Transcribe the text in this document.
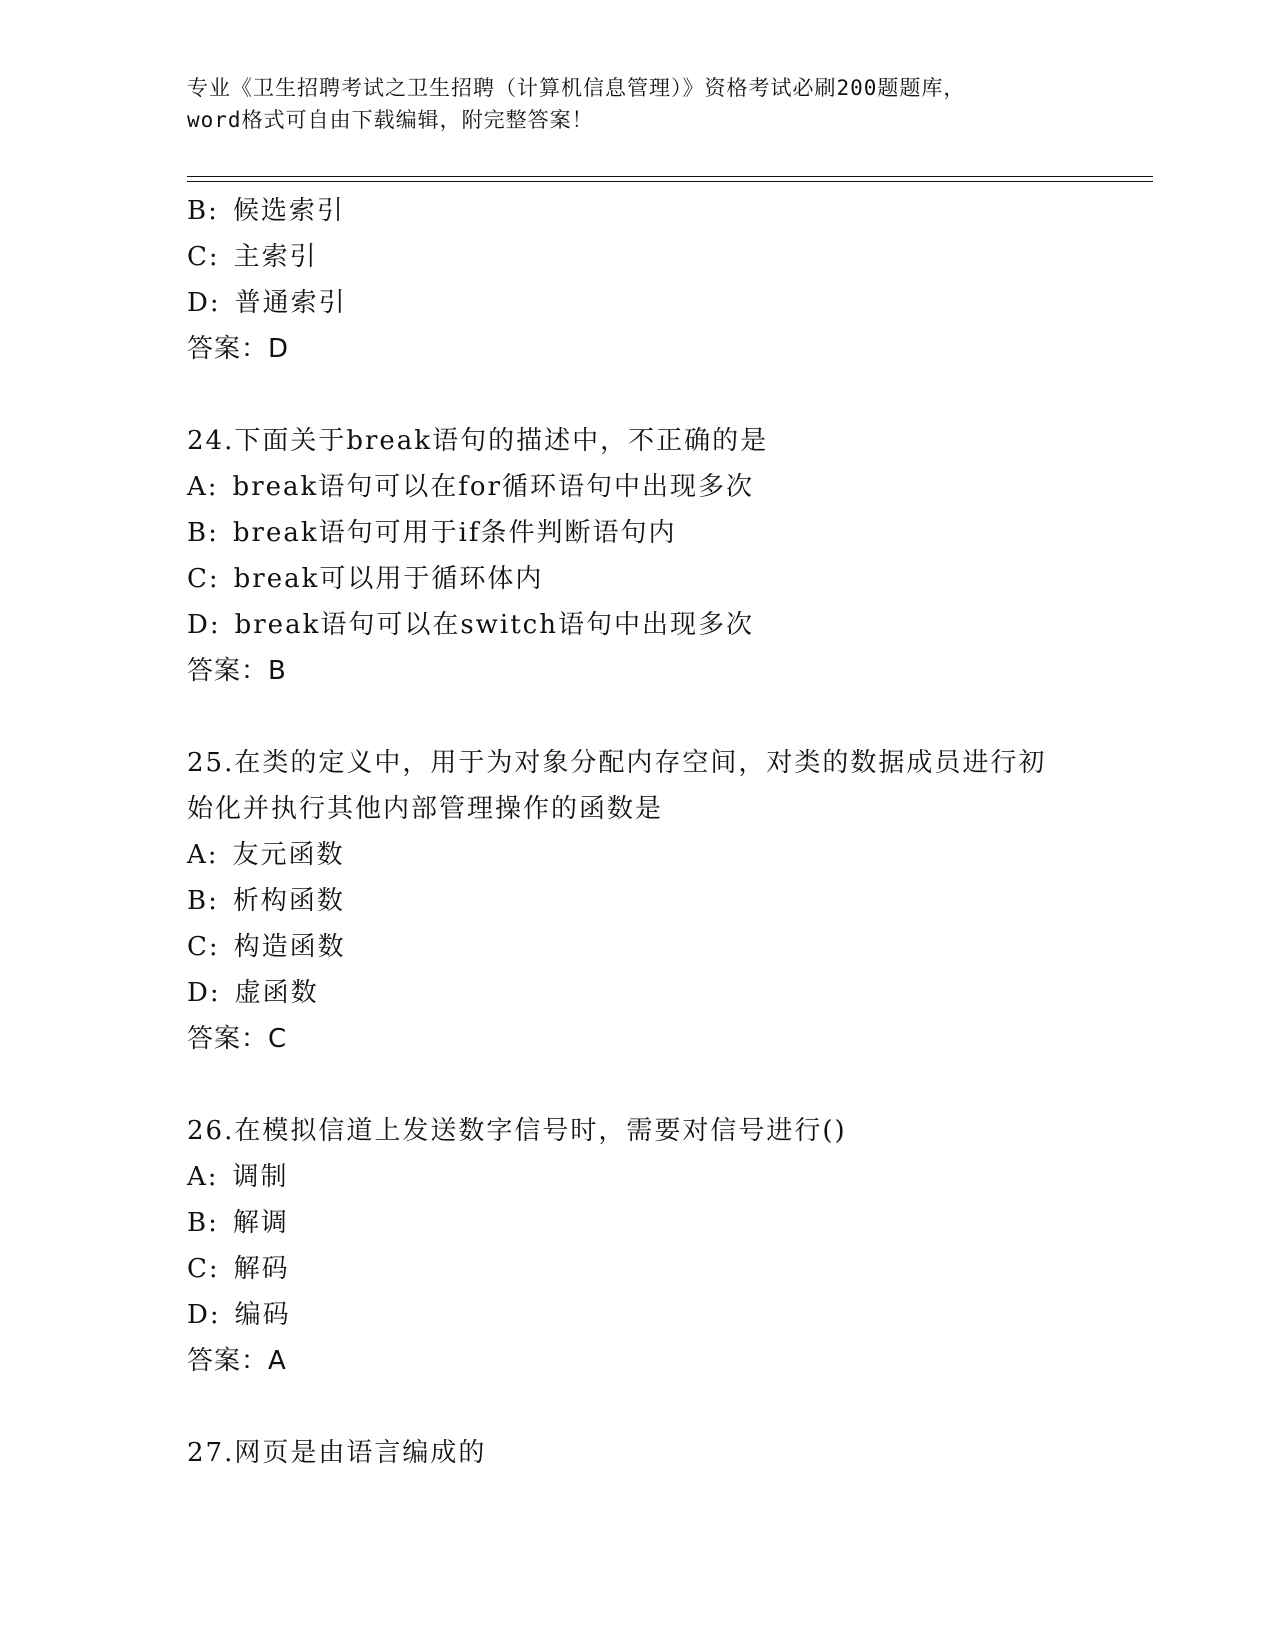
专业《卫生招聘考试之卫生招聘（计算机信息管理）》资格考试必刷200题题库，
word格式可自由下载编辑，附完整答案！
B: 候选索引
C: 主索引
D: 普通索引
答案：D
24.下面关于break语句的描述中，不正确的是
A: break语句可以在for循环语句中出现多次
B: break语句可用于if条件判断语句内
C: break可以用于循环体内
D: break语句可以在switch语句中出现多次
答案：B
25.在类的定义中，用于为对象分配内存空间，对类的数据成员进行初
始化并执行其他内部管理操作的函数是
A: 友元函数
B: 析构函数
C: 构造函数
D: 虚函数
答案：C
26.在模拟信道上发送数字信号时，需要对信号进行()
A: 调制
B: 解调
C: 解码
D: 编码
答案：A
27.网页是由语言编成的
